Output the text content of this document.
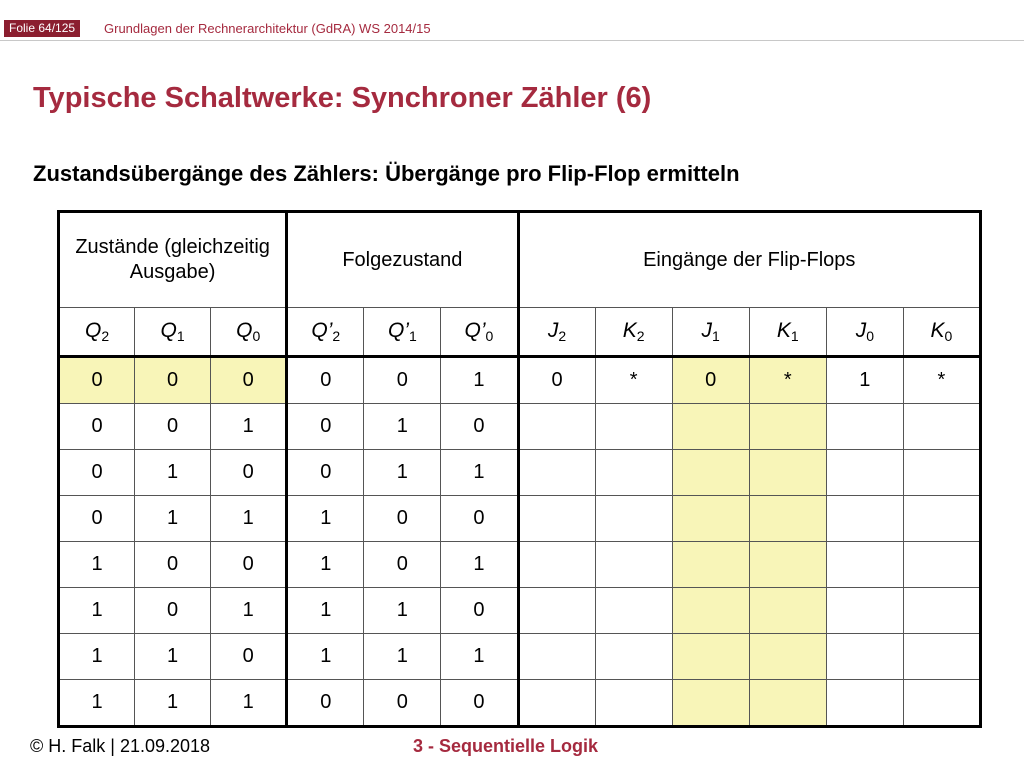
Folie 64/125	Grundlagen der Rechnerarchitektur (GdRA) WS 2014/15
Typische Schaltwerke: Synchroner Zähler (6)
Zustandsübergänge des Zählers: Übergänge pro Flip-Flop ermitteln
Zustände (gleichzeitig Ausgabe)			Folgezustand			Eingänge der Flip-Flops					
$Q_2$	$Q_1$	$Q_0$	$Q’_2$	$Q’_1$	$Q’_0$	$J_2$	$K_2$	$J_1$	$K_1$	$J_0$	$K_0$
0	0	0	0	0	1	0	*	0	*	1	*
0	0	1	0	1	0						
0	1	0	0	1	1						
0	1	1	1	0	0						
1	0	0	1	0	1						
1	0	1	1	1	0						
1	1	0	1	1	1						
1	1	1	0	0	0						
© H. Falk | 21.09.2018	3 - Sequentielle Logik
